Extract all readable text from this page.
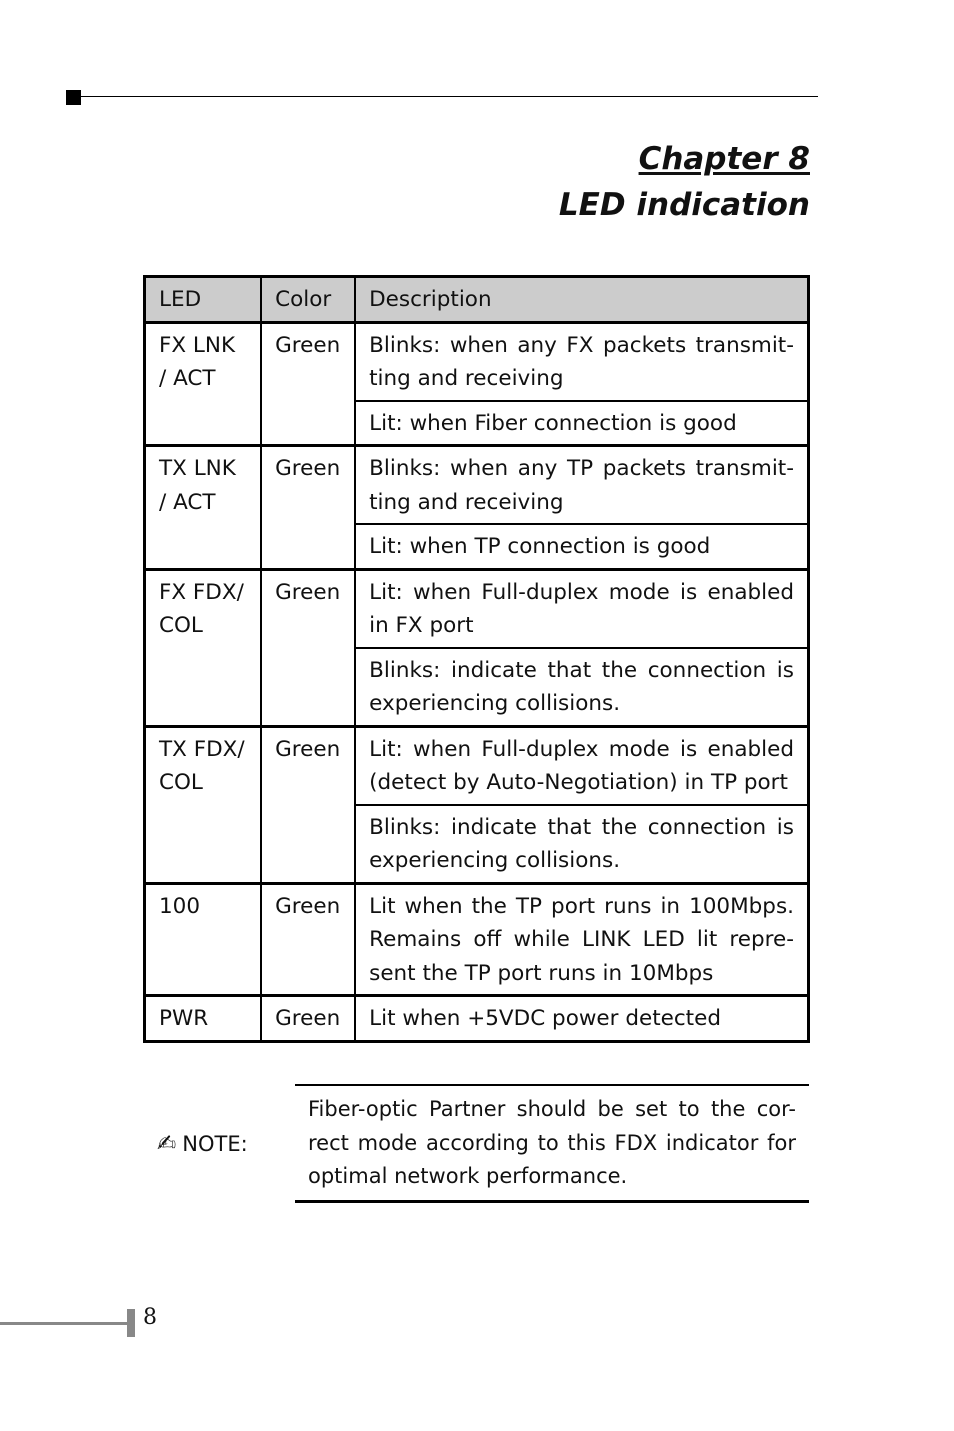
Chapter 8
LED indication
LED	Color	Description
FX LNK / ACT	Green	Blinks: when any FX packets transmit-ting and receiving
		Lit: when Fiber connection is good
TX LNK / ACT	Green	Blinks: when any TP packets transmit-ting and receiving
		Lit: when TP connection is good
FX FDX/ COL	Green	Lit: when Full-duplex mode is enabled in FX port
		Blinks: indicate that the connection is experiencing collisions.
TX FDX/ COL	Green	Lit: when Full-duplex mode is enabled (detect by Auto-Negotiation) in TP port
		Blinks: indicate that the connection is experiencing collisions.
100	Green	Lit when the TP port runs in 100Mbps. Remains off while LINK LED lit repre-sent the TP port runs in 10Mbps
PWR	Green	Lit when +5VDC power detected
✍ NOTE:
Fiber-optic Partner should be set to the cor-rect mode according to this FDX indicator for optimal network performance.
8
